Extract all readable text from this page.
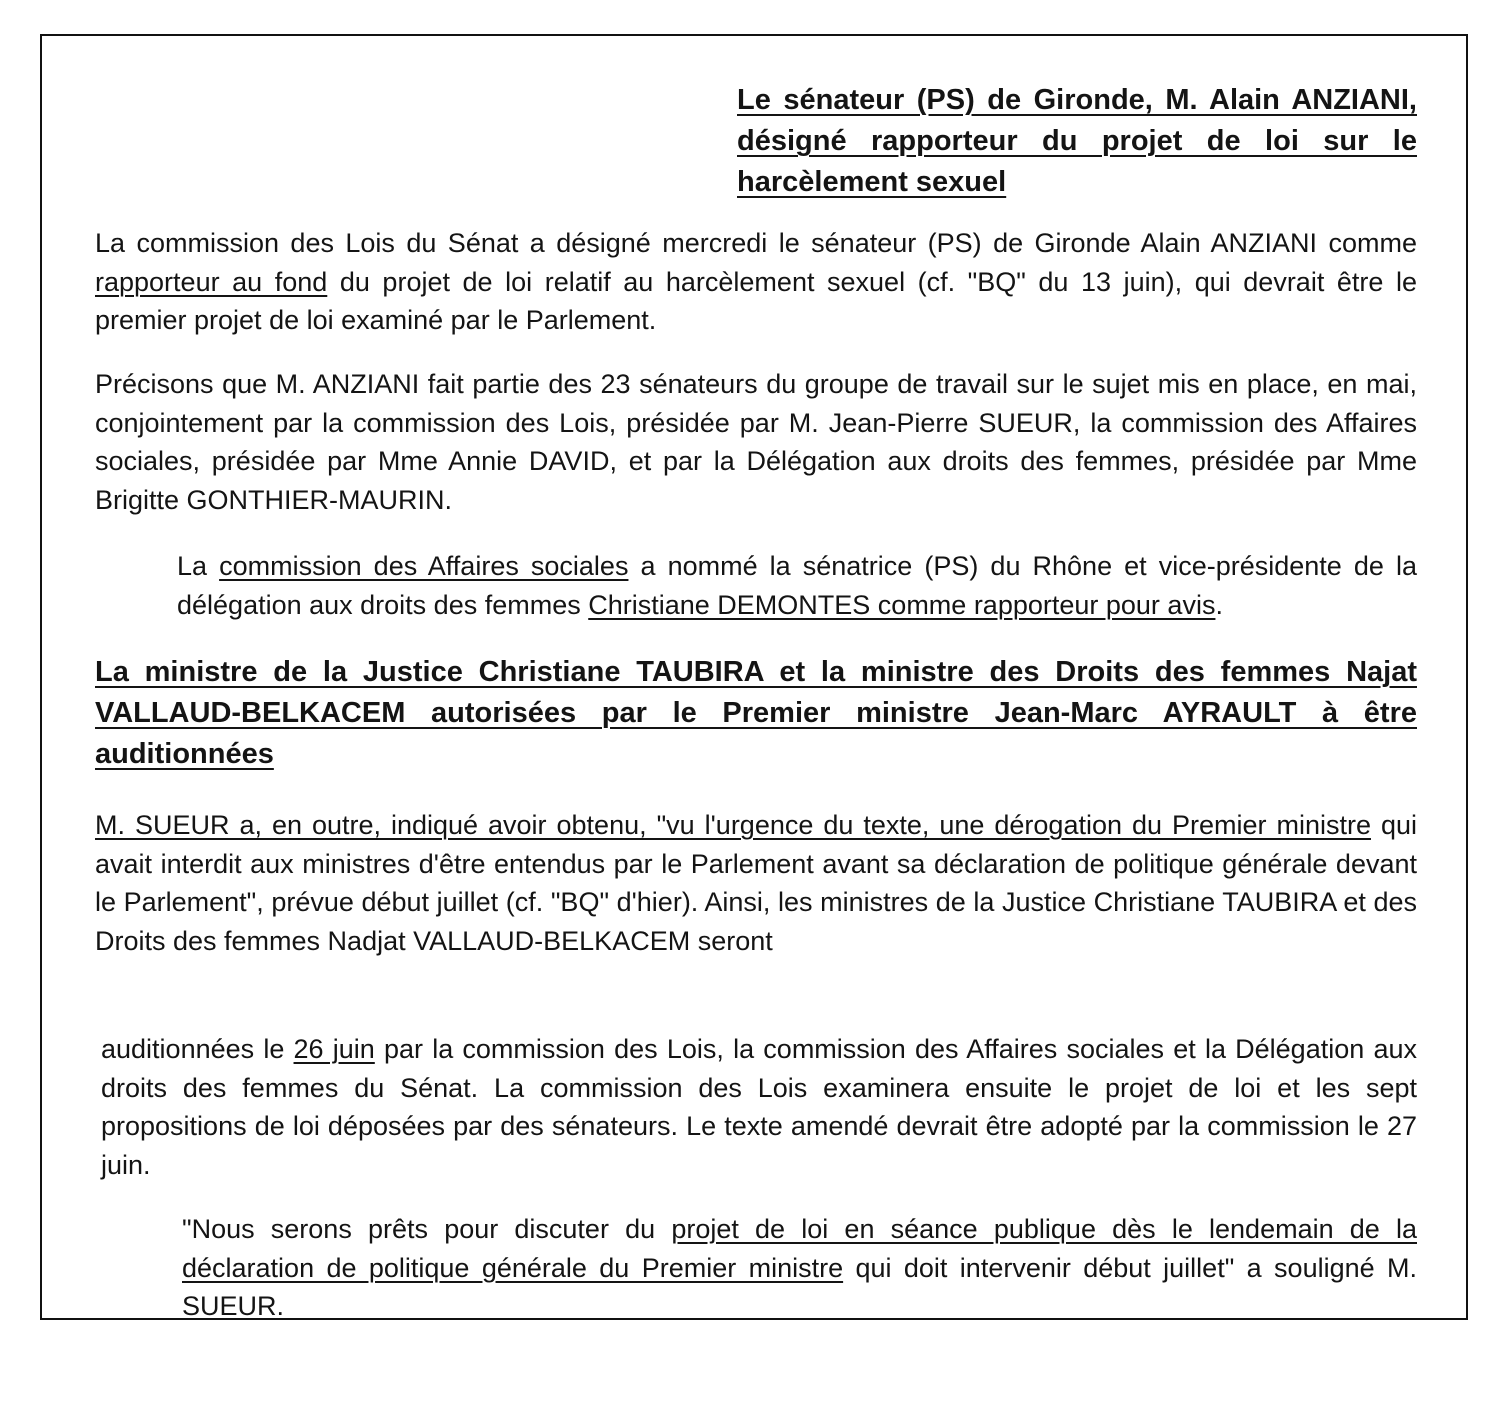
Le sénateur (PS) de Gironde, M. Alain ANZIANI, désigné rapporteur du projet de loi sur le harcèlement sexuel

La commission des Lois du Sénat a désigné mercredi le sénateur (PS) de Gironde Alain ANZIANI comme rapporteur au fond du projet de loi relatif au harcèlement sexuel (cf. "BQ" du 13 juin), qui devrait être le premier projet de loi examiné par le Parlement.

Précisons que M. ANZIANI fait partie des 23 sénateurs du groupe de travail sur le sujet mis en place, en mai, conjointement par la commission des Lois, présidée par M. Jean-Pierre SUEUR, la commission des Affaires sociales, présidée par Mme Annie DAVID, et par la Délégation aux droits des femmes, présidée par Mme Brigitte GONTHIER-MAURIN.

La commission des Affaires sociales a nommé la sénatrice (PS) du Rhône et vice-présidente de la délégation aux droits des femmes Christiane DEMONTES comme rapporteur pour avis.

La ministre de la Justice Christiane TAUBIRA et la ministre des Droits des femmes Najat VALLAUD-BELKACEM autorisées par le Premier ministre Jean-Marc AYRAULT à être auditionnées

M. SUEUR a, en outre, indiqué avoir obtenu, "vu l'urgence du texte, une dérogation du Premier ministre qui avait interdit aux ministres d'être entendus par le Parlement avant sa déclaration de politique générale devant le Parlement", prévue début juillet (cf. "BQ" d'hier). Ainsi, les ministres de la Justice Christiane TAUBIRA et des Droits des femmes Nadjat VALLAUD-BELKACEM seront

auditionnées le 26 juin par la commission des Lois, la commission des Affaires sociales et la Délégation aux droits des femmes du Sénat. La commission des Lois examinera ensuite le projet de loi et les sept propositions de loi déposées par des sénateurs. Le texte amendé devrait être adopté par la commission le 27 juin.

"Nous serons prêts pour discuter du projet de loi en séance publique dès le lendemain de la déclaration de politique générale du Premier ministre qui doit intervenir début juillet" a souligné M. SUEUR.
